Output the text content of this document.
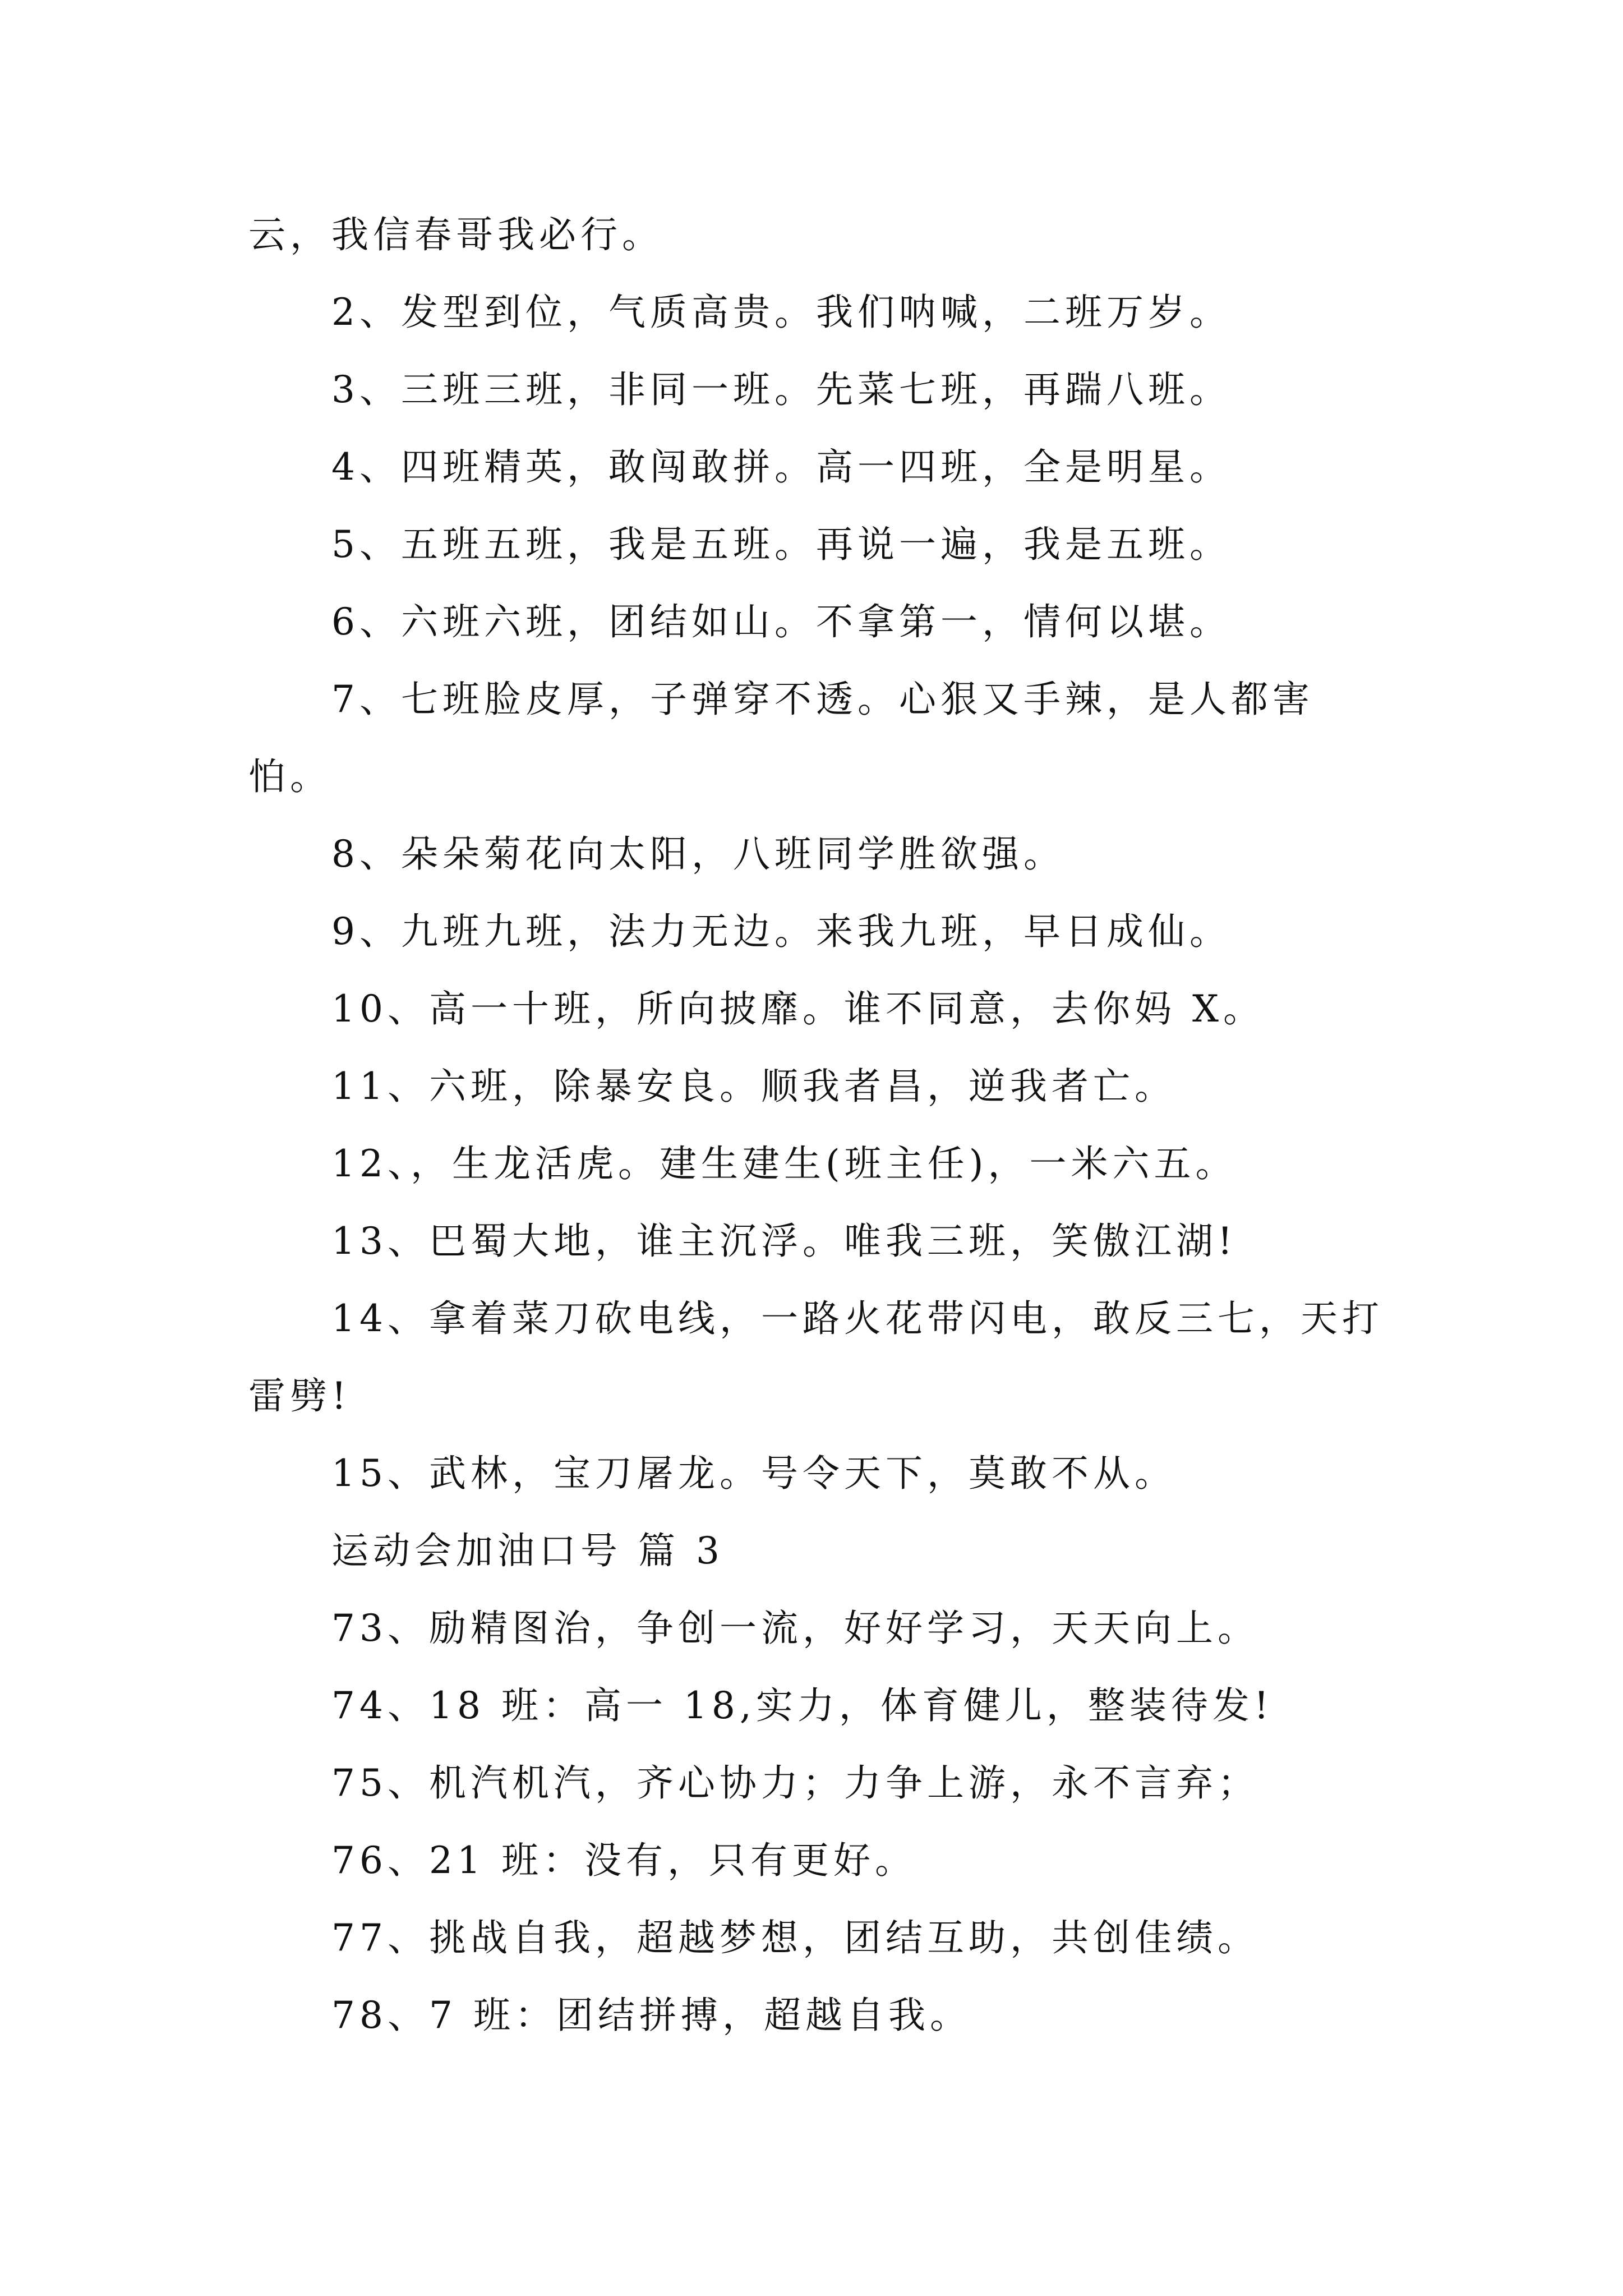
云，我信春哥我必行。

2、发型到位，气质高贵。我们呐喊，二班万岁。

3、三班三班，非同一班。先菜七班，再踹八班。

4、四班精英，敢闯敢拼。高一四班，全是明星。

5、五班五班，我是五班。再说一遍，我是五班。

6、六班六班，团结如山。不拿第一，情何以堪。

7、七班脸皮厚，子弹穿不透。心狠又手辣，是人都害怕。

8、朵朵菊花向太阳，八班同学胜欲强。

9、九班九班，法力无边。来我九班，早日成仙。

10、高一十班，所向披靡。谁不同意，去你妈 X。

11、六班，除暴安良。顺我者昌，逆我者亡。

12、，生龙活虎。建生建生(班主任)，一米六五。

13、巴蜀大地，谁主沉浮。唯我三班，笑傲江湖!

14、拿着菜刀砍电线，一路火花带闪电，敢反三七，天打雷劈!

15、武林，宝刀屠龙。号令天下，莫敢不从。

运动会加油口号 篇 3

73、励精图治，争创一流，好好学习，天天向上。

74、18 班：高一 18,实力，体育健儿，整装待发!

75、机汽机汽，齐心协力；力争上游，永不言弃；

76、21 班：没有，只有更好。

77、挑战自我，超越梦想，团结互助，共创佳绩。

78、7 班：团结拼搏，超越自我。
